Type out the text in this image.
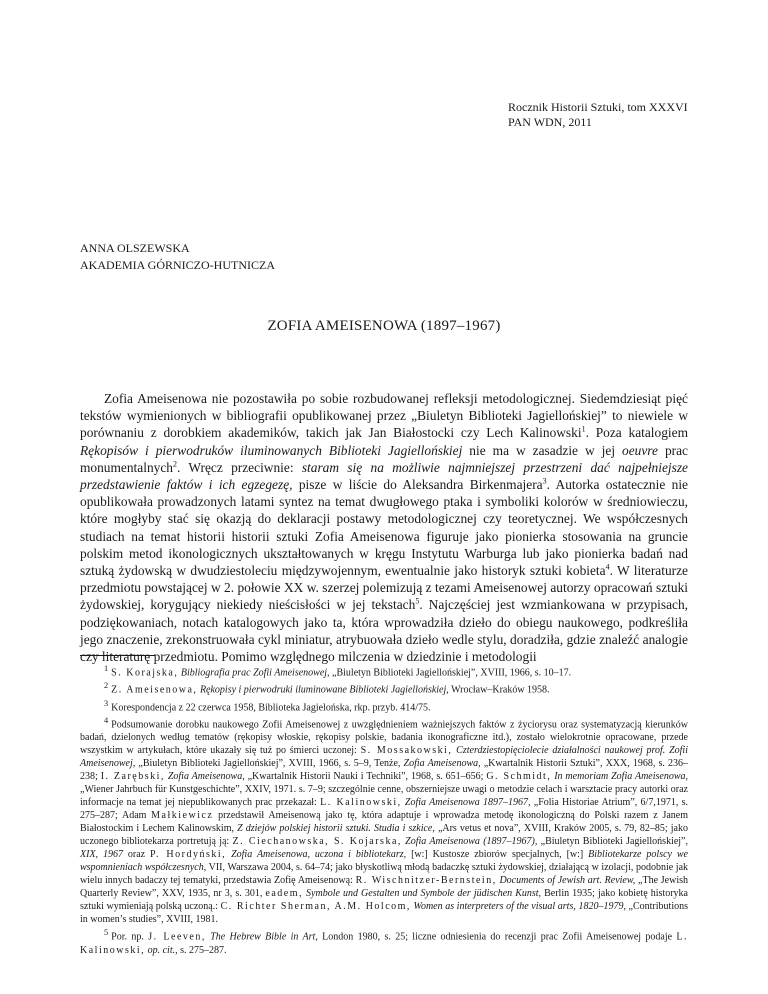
Rocznik Historii Sztuki, tom XXXVI
PAN WDN, 2011
ANNA OLSZEWSKA
AKADEMIA GÓRNICZO-HUTNICZA
ZOFIA AMEISENOWA (1897–1967)

Zofia Ameisenowa nie pozostawiła po sobie rozbudowanej refleksji metodologicznej. Siedemdziesiąt pięć tekstów wymienionych w bibliografii opublikowanej przez „Biuletyn Biblioteki Jagiellońskiej” to niewiele w porównaniu z dorobkiem akademików, takich jak Jan Białostocki czy Lech Kalinowski$^1$. Poza katalogiem Rękopisów i pierwodruków iluminowanych Biblioteki Jagiellońskiej nie ma w zasadzie w jej oeuvre prac monumentalnych$^2$. Wręcz przeciwnie: staram się na możliwie najmniejszej przestrzeni dać najpełniejsze przedstawienie faktów i ich egzegezę, pisze w liście do Aleksandra Birkenmajera$^3$. Autorka ostatecznie nie opublikowała prowadzonych latami syntez na temat dwugłowego ptaka i symboliki kolorów w średniowieczu, które mogłyby stać się okazją do deklaracji postawy metodologicznej czy teoretycznej. We współczesnych studiach na temat historii historii sztuki Zofia Ameisenowa figuruje jako pionierka stosowania na gruncie polskim metod ikonologicznych ukształtowanych w kręgu Instytutu Warburga lub jako pionierka badań nad sztuką żydowską w dwudziestoleciu międzywojennym, ewentualnie jako historyk sztuki kobieta$^4$. W literaturze przedmiotu powstającej w 2. połowie XX w. szerzej polemizują z tezami Ameisenowej autorzy opracowań sztuki żydowskiej, korygujący niekiedy nieścisłości w jej tekstach$^5$. Najczęściej jest wzmiankowana w przypisach, podziękowaniach, notach katalogowych jako ta, która wprowadziła dzieło do obiegu naukowego, podkreśliła jego znaczenie, zrekonstruowała cykl miniatur, atrybuowała dzieło wedle stylu, doradziła, gdzie znaleźć analogie czy literaturę przedmiotu. Pomimo względnego milczenia w dziedzinie i metodologii

$^1$ S. Korajska, Bibliografia prac Zofii Ameisenowej, „Biuletyn Biblioteki Jagiellońskiej”, XVIII, 1966, s. 10–17.

$^2$ Z. Ameisenowa, Rękopisy i pierwodruki iluminowane Biblioteki Jagiellońskiej, Wrocław–Kraków 1958.

$^3$ Korespondencja z 22 czerwca 1958, Biblioteka Jagielońska, rkp. przyb. 414/75.

$^4$ Podsumowanie dorobku naukowego Zofii Ameisenowej z uwzględnieniem ważniejszych faktów z życiorysu oraz systematyzacją kierunków badań, dzielonych według tematów (rękopisy włoskie, rękopisy polskie, badania ikonograficzne itd.), zostało wielokrotnie opracowane, przede wszystkim w artykułach, które ukazały się tuż po śmierci uczonej: S. Mossakowski, Czterdziestopięciolecie działalności naukowej prof. Zofii Ameisenowej, „Biuletyn Biblioteki Jagiellońskiej”, XVIII, 1966, s. 5–9, Tenże, Zofia Ameisenowa, „Kwartalnik Historii Sztuki”, XXX, 1968, s. 236–238; I. Zarębski, Zofia Ameisenowa, „Kwartalnik Historii Nauki i Techniki”, 1968, s. 651–656; G. Schmidt, In memoriam Zofia Ameisenowa, „Wiener Jahrbuch für Kunstgeschichte”, XXIV, 1971. s. 7–9; szczególnie cenne, obszerniejsze uwagi o metodzie celach i warsztacie pracy autorki oraz informacje na temat jej niepublikowanych prac przekazał: L. Kalinowski, Zofia Ameisenowa 1897–1967, „Folia Historiae Atrium”, 6/7,1971, s. 275–287; Adam Małkiewicz przedstawił Ameisenową jako tę, która adaptuje i wprowadza metodę ikonologiczną do Polski razem z Janem Białostockim i Lechem Kalinowskim, Z dziejów polskiej historii sztuki. Studia i szkice, „Ars vetus et nova”, XVIII, Kraków 2005, s. 79, 82–85; jako uczonego bibliotekarza portretują ją: Z. Ciechanowska, S. Kojarska, Zofia Ameisenowa (1897–1967), „Biuletyn Biblioteki Jagiellońskiej”, XIX, 1967 oraz P. Hordyński, Zofia Ameisenowa, uczona i bibliotekarz, [w:] Kustosze zbiorów specjalnych, [w:] Bibliotekarze polscy we wspomnieniach współczesnych, VII, Warszawa 2004, s. 64–74; jako błyskotliwą młodą badaczkę sztuki żydowskiej, działającą w izolacji, podobnie jak wielu innych badaczy tej tematyki, przedstawia Zofię Ameisenową: R. Wischnitzer-Bernstein, Documents of Jewish art. Review, „The Jewish Quarterly Review”, XXV, 1935, nr 3, s. 301, eadem, Symbole und Gestalten und Symbole der jüdischen Kunst, Berlin 1935; jako kobietę historyka sztuki wymieniają polską uczoną.: C. Richter Sherman, A.M. Holcom, Women as interpreters of the visual arts, 1820–1979, „Contributions in women’s studies”, XVIII, 1981.

$^5$ Por. np. J. Leeven, The Hebrew Bible in Art, London 1980, s. 25; liczne odniesienia do recenzji prac Zofii Ameisenowej podaje L. Kalinowski, op. cit., s. 275–287.
